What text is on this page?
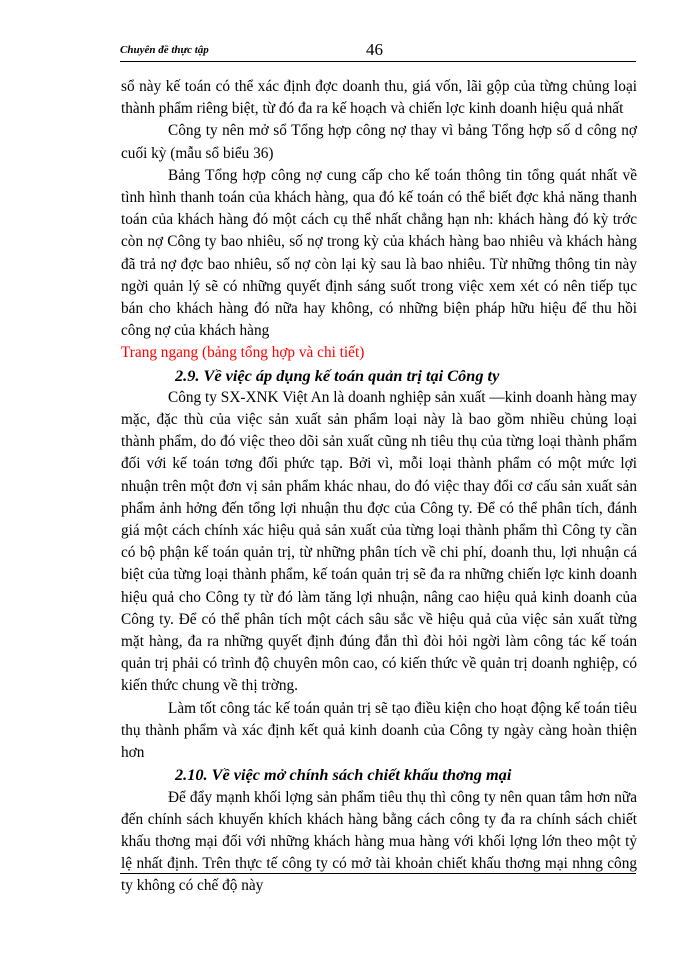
Chuyên đề thực tập	46

sổ này kế toán có thể xác định đợc doanh thu, giá vốn, lãi gộp của từng chủng loại thành phẩm riêng biệt, từ đó đa ra kế hoạch và chiến lợc kinh doanh hiệu quả nhất

Công ty nên mở sổ Tổng hợp công nợ thay vì bảng Tổng hợp số d công nợ cuối kỳ (mẫu sổ biểu 36)

Bảng Tổng hợp công nợ cung cấp cho kế toán thông tin tổng quát nhất về tình hình thanh toán của khách hàng, qua đó kế toán có thể biết đợc khả năng thanh toán của khách hàng đó một cách cụ thể nhất chẳng hạn nh: khách hàng đó kỳ trớc còn nợ Công ty bao nhiêu, số nợ trong kỳ của khách hàng bao nhiêu và khách hàng đã trả nợ đợc bao nhiêu, số nợ còn lại kỳ sau là bao nhiêu. Từ những thông tin này ngời quản lý sẽ có những quyết định sáng suốt trong việc xem xét có nên tiếp tục bán cho khách hàng đó nữa hay không, có những biện pháp hữu hiệu để thu hồi công nợ của khách hàng

Trang ngang (bảng tổng hợp và chi tiết)

2.9. Về việc áp dụng kế toán quản trị tại Công ty

Công ty SX-XNK Việt An là doanh nghiệp sản xuất —kinh doanh hàng may mặc, đặc thù của việc sản xuất sản phẩm loại này là bao gồm nhiều chủng loại thành phẩm, do đó việc theo dõi sản xuất cũng nh tiêu thụ của từng loại thành phẩm đối với kế toán tơng đối phức tạp. Bởi vì, mỗi loại thành phẩm có một mức lợi nhuận trên một đơn vị sản phẩm khác nhau, do đó việc thay đổi cơ cấu sản xuất sản phẩm ảnh hởng đến tổng lợi nhuận thu đợc của Công ty. Để có thể phân tích, đánh giá một cách chính xác hiệu quả sản xuất của từng loại thành phẩm thì Công ty cần có bộ phận kế toán quản trị, từ những phân tích về chi phí, doanh thu, lợi nhuận cá biệt của từng loại thành phẩm, kế toán quản trị sẽ đa ra những chiến lợc kinh doanh hiệu quả cho Công ty từ đó làm tăng lợi nhuận, nâng cao hiệu quả kinh doanh của Công ty. Để có thể phân tích một cách sâu sắc về hiệu quả của việc sản xuất từng mặt hàng, đa ra những quyết định đúng đắn thì đòi hỏi ngời làm công tác kế toán quản trị phải có trình độ chuyên môn cao, có kiến thức về quản trị doanh nghiệp, có kiến thức chung về thị trờng.

Làm tốt công tác kế toán quản trị sẽ tạo điều kiện cho hoạt động kế toán tiêu thụ thành phẩm và xác định kết quả kinh doanh của Công ty ngày càng hoàn thiện hơn

2.10. Về việc mở chính sách chiết khấu thơng mại

Để đẩy mạnh khối lợng sản phẩm tiêu thụ thì công ty nên quan tâm hơn nữa đến chính sách khuyến khích khách hàng bằng cách công ty đa ra chính sách chiết khấu thơng mại đối với những khách hàng mua hàng với khối lợng lớn theo một tỷ lệ nhất định. Trên thực tế công ty có mở tài khoản chiết khấu thơng mại nhng công ty không có chế độ này
